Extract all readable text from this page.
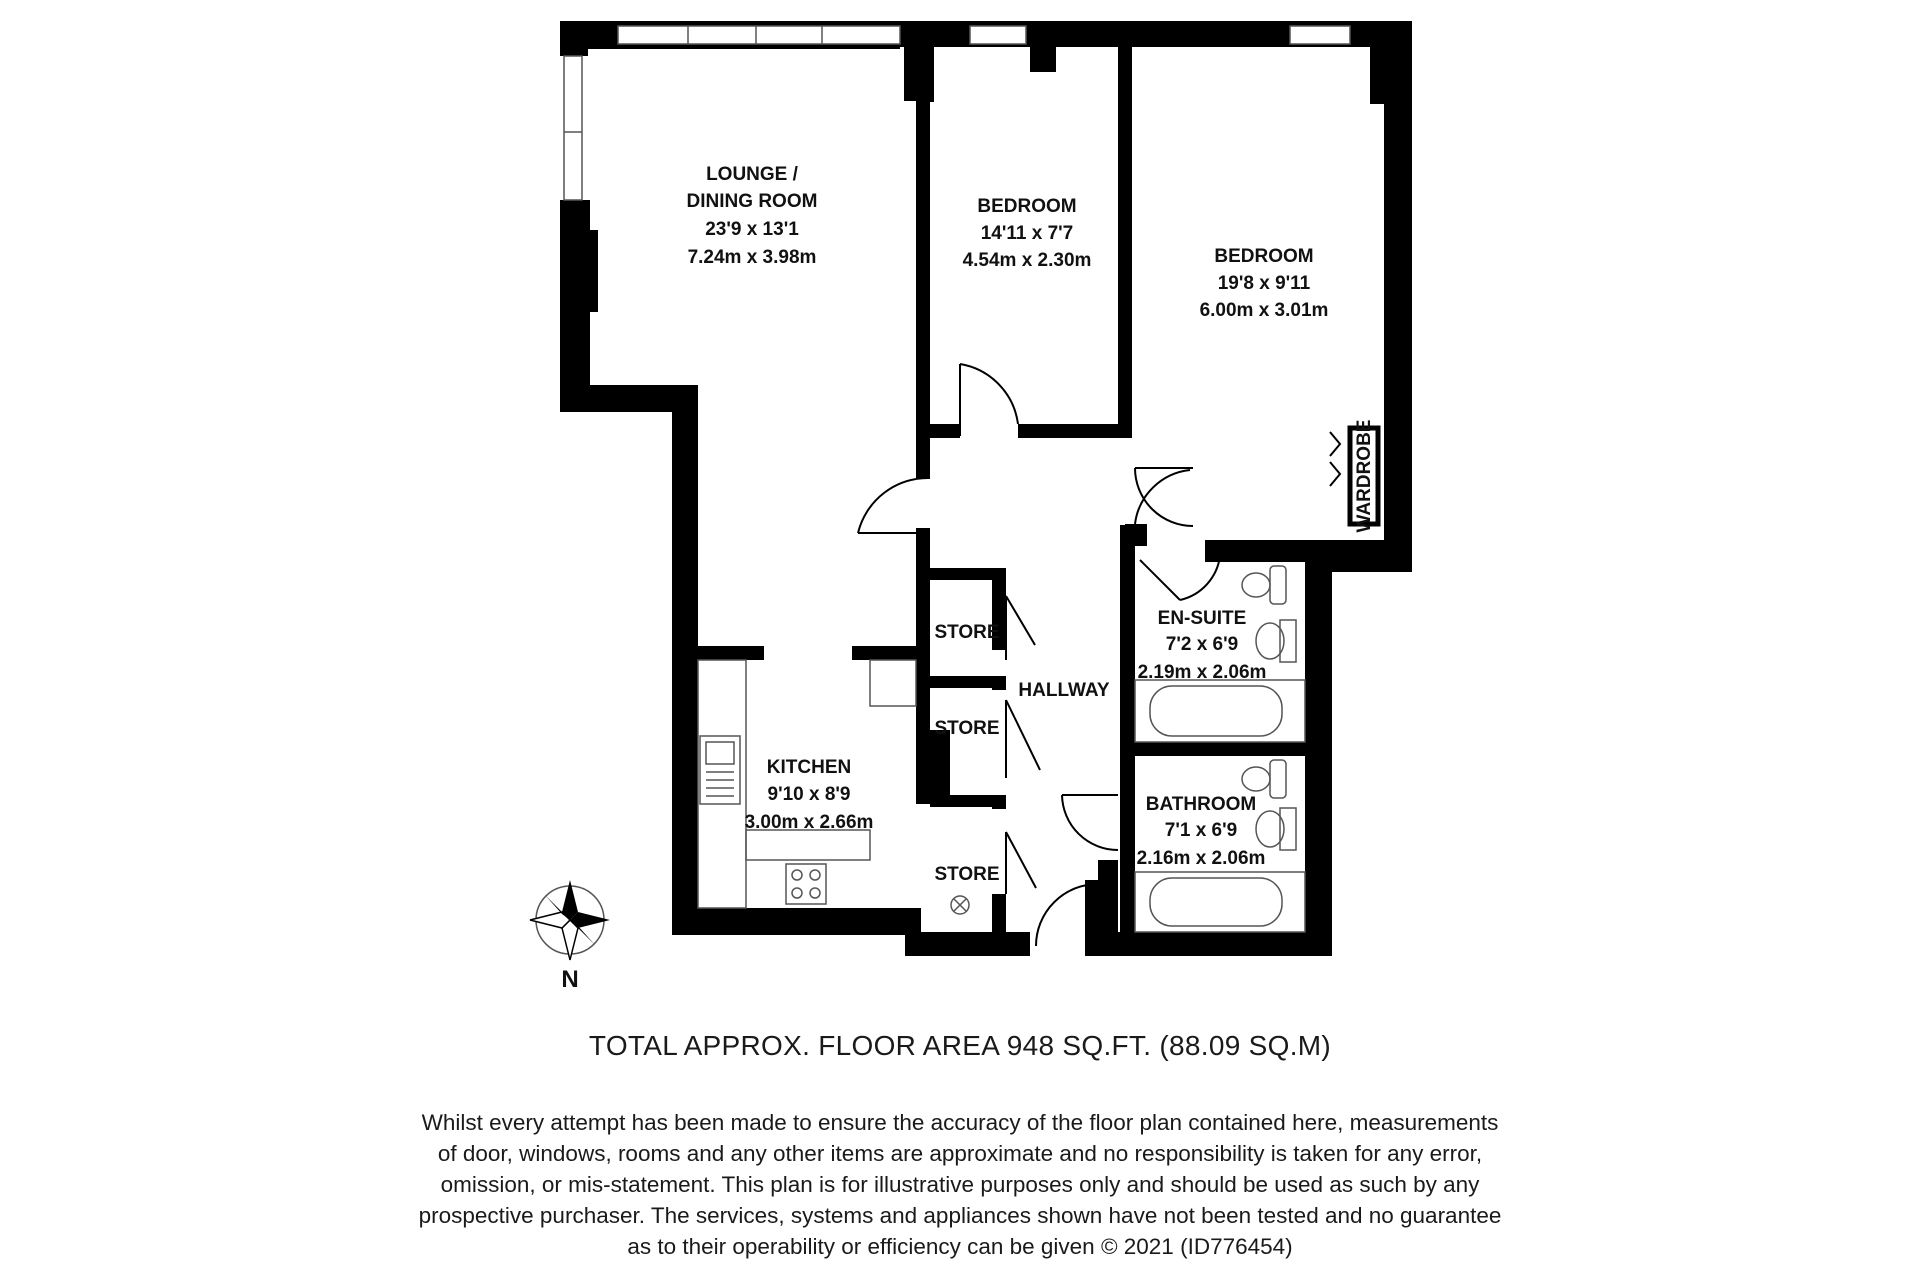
N
LOUNGE /
DINING ROOM
23'9 x 13'1
7.24m x 3.98m
BEDROOM
14'11 x 7'7
4.54m x 2.30m	BEDROOM
19'8 x 9'11
6.00m x 3.01m
WARDROBE
EN-SUITE
7'2 x 6'9
2.19m x 2.06m
BATHROOM
7'1 x 6'9
2.16m x 2.06m
KITCHEN
9'10 x 8'9
3.00m x 2.66m
HALLWAY
STORE
STORE
STORE
TOTAL APPROX. FLOOR AREA 948 SQ.FT. (88.09 SQ.M)
Whilst every attempt has been made to ensure the accuracy of the floor plan contained here, measurements
of door, windows, rooms and any other items are approximate and no responsibility is taken for any error,
omission, or mis-statement. This plan is for illustrative purposes only and should be used as such by any
prospective purchaser. The services, systems and appliances shown have not been tested and no guarantee
as to their operability or efficiency can be given © 2021 (ID776454)
